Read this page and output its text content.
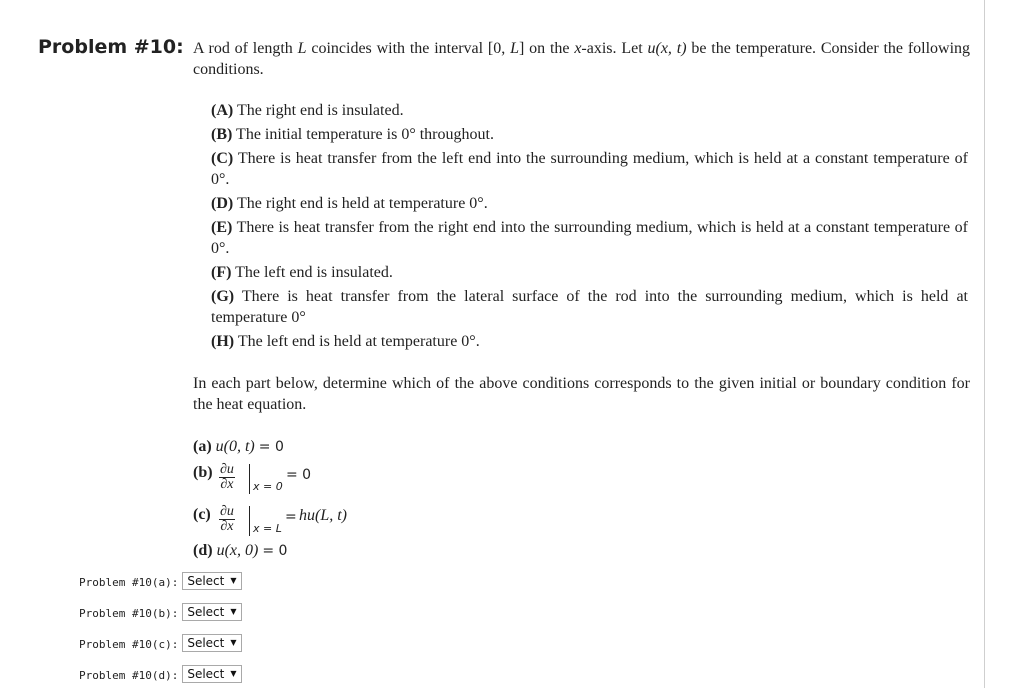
Problem #10: A rod of length L coincides with the interval [0, L] on the x-axis. Let u(x, t) be the temperature. Consider the following conditions.
(A) The right end is insulated.
(B) The initial temperature is 0° throughout.
(C) There is heat transfer from the left end into the surrounding medium, which is held at a constant temperature of 0°.
(D) The right end is held at temperature 0°.
(E) There is heat transfer from the right end into the surrounding medium, which is held at a constant temperature of 0°.
(F) The left end is insulated.
(G) There is heat transfer from the lateral surface of the rod into the surrounding medium, which is held at temperature 0°
(H) The left end is held at temperature 0°.
In each part below, determine which of the above conditions corresponds to the given initial or boundary condition for the heat equation.
(a) u(0, t) = 0
$(b) \frac{\partial u}{\partial x}$ x = 0
= 0
$(c) \frac{\partial u}{\partial x}$ x = L
= hu(L, t)
(d) u(x, 0) = 0
Problem #10(a): Select ▼
Problem #10(b): Select ▼
Problem #10(c): Select ▼
Problem #10(d): Select ▼
